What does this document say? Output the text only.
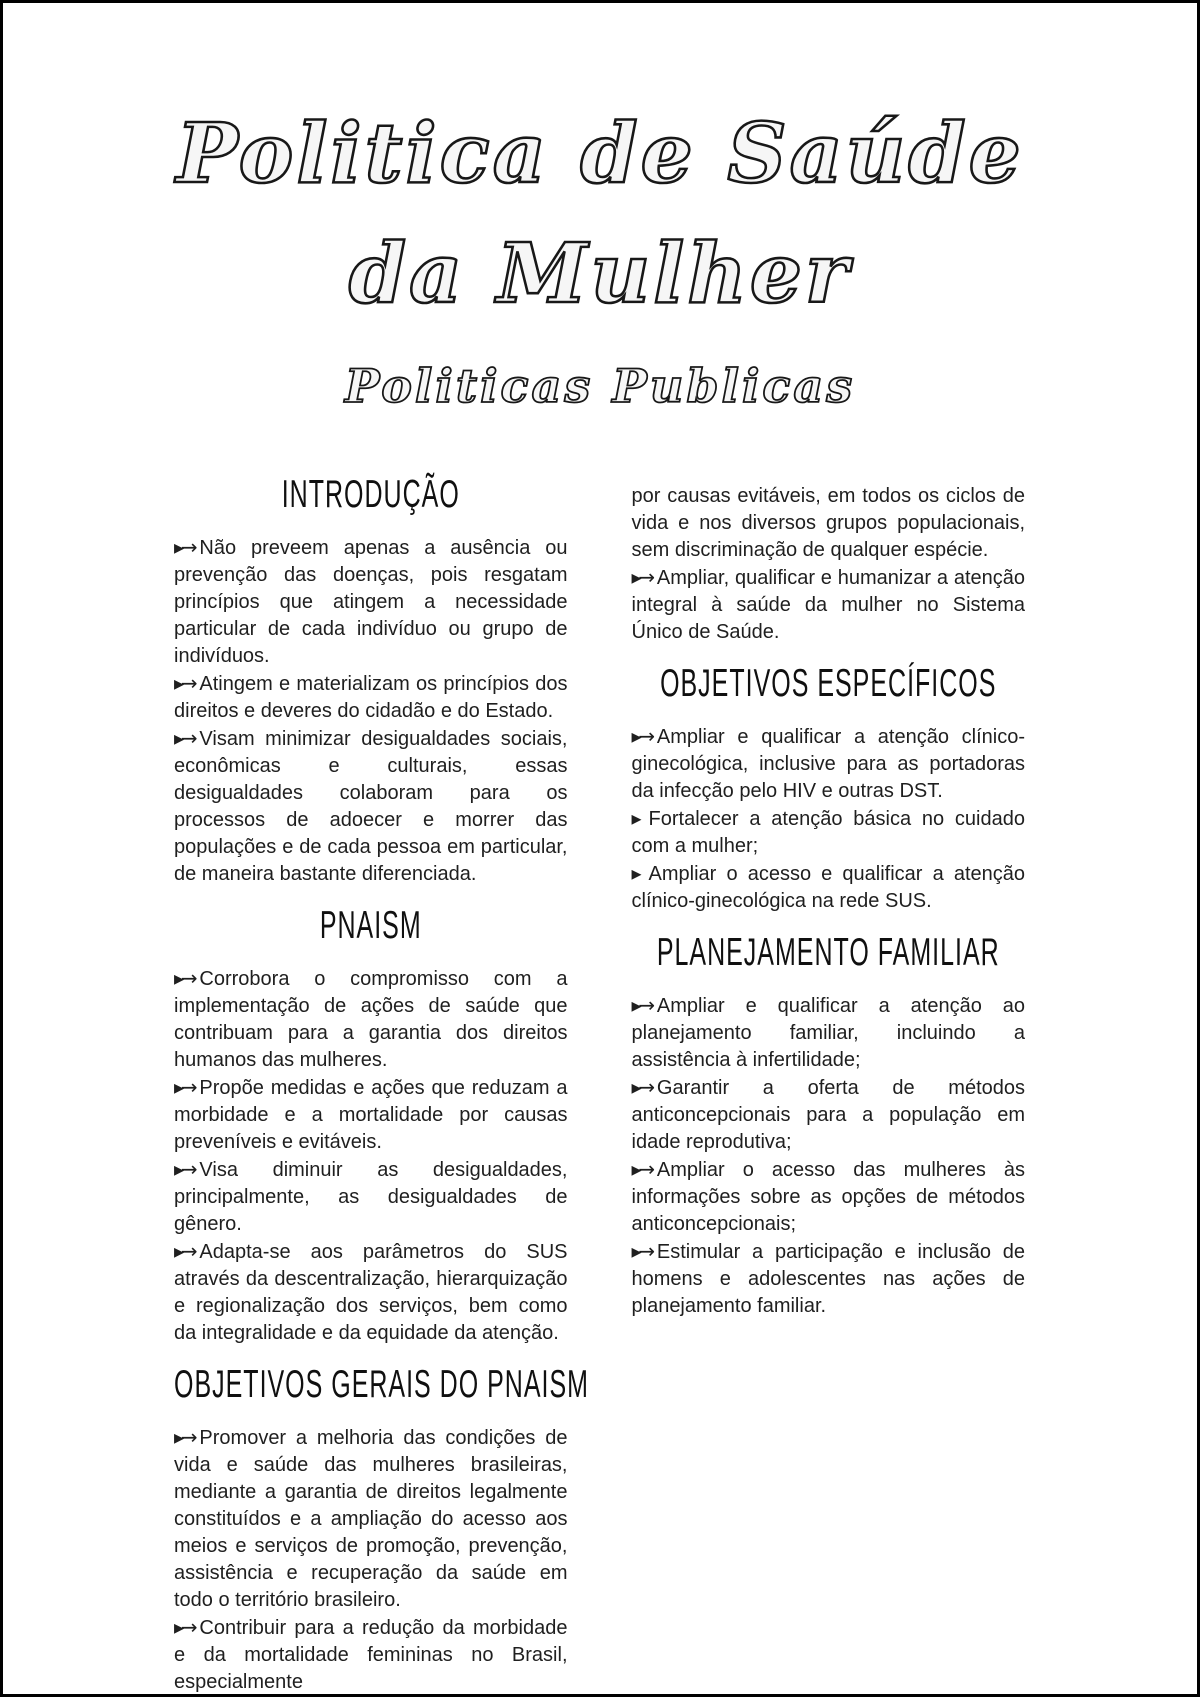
Politica de Saúde
da Mulher
Politicas Publicas
INTRODUÇÃO

▸→ Não preveem apenas a ausência ou prevenção das doenças, pois resgatam princípios que atingem a necessidade particular de cada indivíduo ou grupo de indivíduos.

▸→ Atingem e materializam os princípios dos direitos e deveres do cidadão e do Estado.

▸→ Visam minimizar desigualdades sociais, econômicas e culturais, essas desigualdades colaboram para os processos de adoecer e morrer das populações e de cada pessoa em particular, de maneira bastante diferenciada.

PNAISM

▸→ Corrobora o compromisso com a implementação de ações de saúde que contribuam para a garantia dos direitos humanos das mulheres.

▸→ Propõe medidas e ações que reduzam a morbidade e a mortalidade por causas preveníveis e evitáveis.

▸→ Visa diminuir as desigualdades, principalmente, as desigualdades de gênero.

▸→ Adapta-se aos parâmetros do SUS através da descentralização, hierarquização e regionalização dos serviços, bem como da integralidade e da equidade da atenção.

OBJETIVOS GERAIS DO PNAISM

▸→ Promover a melhoria das condições de vida e saúde das mulheres brasileiras, mediante a garantia de direitos legalmente constituídos e a ampliação do acesso aos meios e serviços de promoção, prevenção, assistência e recuperação da saúde em todo o território brasileiro.

▸→ Contribuir para a redução da morbidade e da mortalidade femininas no Brasil, especialmente

por causas evitáveis, em todos os ciclos de vida e nos diversos grupos populacionais, sem discriminação de qualquer espécie.

▸→ Ampliar, qualificar e humanizar a atenção integral à saúde da mulher no Sistema Único de Saúde.

OBJETIVOS ESPECÍFICOS

▸→ Ampliar e qualificar a atenção clínico-ginecológica, inclusive para as portadoras da infecção pelo HIV e outras DST.

▸ Fortalecer a atenção básica no cuidado com a mulher;

▸ Ampliar o acesso e qualificar a atenção clínico-ginecológica na rede SUS.

PLANEJAMENTO FAMILIAR

▸→ Ampliar e qualificar a atenção ao planejamento familiar, incluindo a assistência à infertilidade;

▸→ Garantir a oferta de métodos anticoncepcionais para a população em idade reprodutiva;

▸→ Ampliar o acesso das mulheres às informações sobre as opções de métodos anticoncepcionais;

▸→ Estimular a participação e inclusão de homens e adolescentes nas ações de planejamento familiar.
